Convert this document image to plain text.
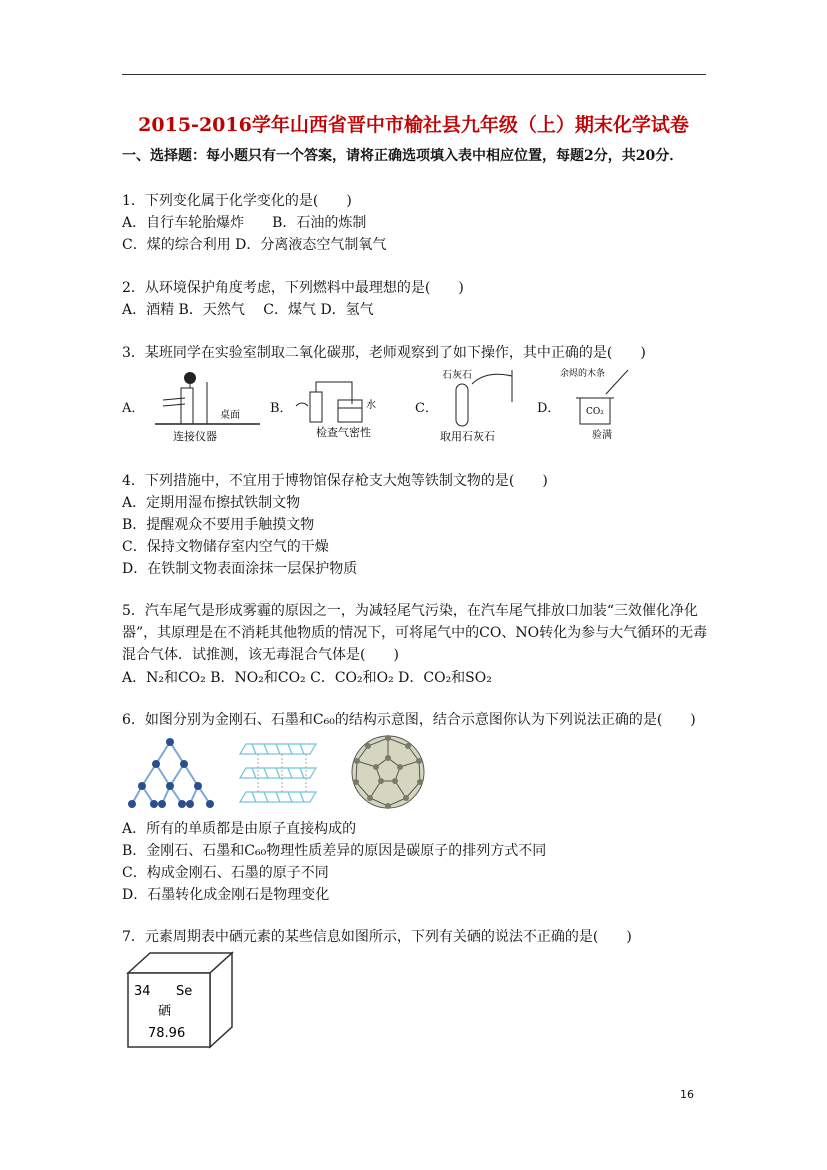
2015-2016学年山西省晋中市榆社县九年级（上）期末化学试卷
一、选择题：每小题只有一个答案，请将正确选项填入表中相应位置，每题2分，共20分．
1．下列变化属于化学变化的是(　　)
A．自行车轮胎爆炸　　B．石油的炼制
C．煤的综合利用 D．分离液态空气制氧气
2．从环境保护角度考虑，下列燃料中最理想的是(　　)
A．酒精 B．天然气　 C．煤气 D．氢气
3．某班同学在实验室制取二氧化碳那，老师观察到了如下操作，其中正确的是(　　)
A．	桌面
连接仪器
B．	水
检查气密性
C．
石灰石
取用石灰石
D．
余烬的木条
CO₂
验满
4．下列措施中，不宜用于博物馆保存枪支大炮等铁制文物的是(　　)
A．定期用湿布擦拭铁制文物
B．提醒观众不要用手触摸文物
C．保持文物储存室内空气的干燥
D．在铁制文物表面涂抹一层保护物质
5．汽车尾气是形成雾霾的原因之一，为减轻尾气污染，在汽车尾气排放口加装“三效催化净化器”，其原理是在不消耗其他物质的情况下，可将尾气中的CO、NO转化为参与大气循环的无毒混合气体．试推测，该无毒混合气体是(　　)
A．N₂和CO₂ B．NO₂和CO₂ C．CO₂和O₂ D．CO₂和SO₂
6．如图分别为金刚石、石墨和C₆₀的结构示意图，结合示意图你认为下列说法正确的是(　　)
A．所有的单质都是由原子直接构成的
B．金刚石、石墨和C₆₀物理性质差异的原因是碳原子的排列方式不同
C．构成金刚石、石墨的原子不同
D．石墨转化成金刚石是物理变化
7．元素周期表中硒元素的某些信息如图所示，下列有关硒的说法不正确的是(　　)
34 Se
硒
78.96
16
